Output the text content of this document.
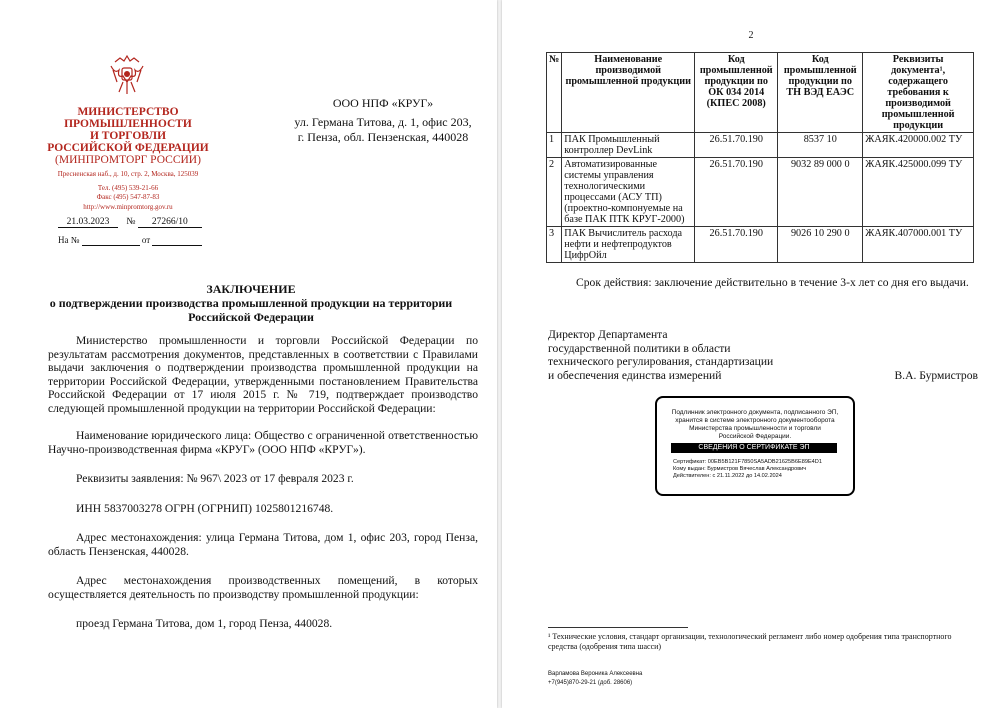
МИНИСТЕРСТВО
ПРОМЫШЛЕННОСТИ
И ТОРГОВЛИ
РОССИЙСКОЙ ФЕДЕРАЦИИ
(МИНПРОМТОРГ РОССИИ)
Пресненская наб., д. 10, стр. 2, Москва, 125039
Тел. (495) 539-21-66
Факс (495) 547-87-83
http://www.minpromtorg.gov.ru
21.03.2023 № 27266/10
На №	от
ООО НПФ «КРУГ»
ул. Германа Титова, д. 1, офис 203,
г. Пенза, обл. Пензенская, 440028
ЗАКЛЮЧЕНИЕ
о подтверждении производства промышленной продукции на территории
Российской Федерации
Министерство промышленности и торговли Российской Федерации по результатам рассмотрения документов, представленных в соответствии с Правилами выдачи заключения о подтверждении производства промышленной продукции на территории Российской Федерации, утвержденными постановлением Правительства Российской Федерации от 17 июля 2015 г. № 719, подтверждает производство следующей промышленной продукции на территории Российской Федерации:
Наименование юридического лица: Общество с ограниченной ответственностью Научно-производственная фирма «КРУГ» (ООО НПФ «КРУГ»).
Реквизиты заявления: № 967\ 2023 от 17 февраля 2023 г.
ИНН 5837003278 ОГРН (ОГРНИП) 1025801216748.
Адрес местонахождения: улица Германа Титова, дом 1, офис 203, город Пенза, область Пензенская, 440028.
Адрес местонахождения производственных помещений, в которых осуществляется деятельность по производству промышленной продукции:
проезд Германа Титова, дом 1, город Пенза, 440028.
2
№	Наименование производимой промышленной продукции	Код промышленной продукции по ОК 034 2014 (КПЕС 2008)	Код промышленной продукции по ТН ВЭД ЕАЭС	Реквизиты документа¹, содержащего требования к производимой промышленной продукции
1	ПАК Промышленный контроллер DevLink	26.51.70.190	8537 10	ЖАЯК.420000.002 ТУ
2	Автоматизированные системы управления технологическими процессами (АСУ ТП) (проектно-компонуемые на базе ПАК ПТК КРУГ-2000)	26.51.70.190	9032 89 000 0	ЖАЯК.425000.099 ТУ
3	ПАК Вычислитель расхода нефти и нефтепродуктов ЦифрОйл	26.51.70.190	9026 10 290 0	ЖАЯК.407000.001 ТУ
Срок действия: заключение действительно в течение 3-х лет со дня его выдачи.
Директор Департамента
государственной политики в области
технического регулирования, стандартизации
и обеспечения единства измерений	В.А. Бурмистров
Подлинник электронного документа, подписанного ЭП,
хранится в системе электронного документооборота
Министерства промышленности и торговли
Российской Федерации.
СВЕДЕНИЯ О СЕРТИФИКАТЕ ЭП
Сертификат: 00EB5B121F7850SA5ADB21625B6E89E4D1
Кому выдан: Бурмистров Вячеслав Александрович
Действителен: с 21.11.2022 до 14.02.2024
¹ Технические условия, стандарт организации, технологический регламент либо номер одобрения типа транспортного
средства (одобрения типа шасси)
Варламова Вероника Алексеевна
+7(945)870-29-21 (доб. 28606)
